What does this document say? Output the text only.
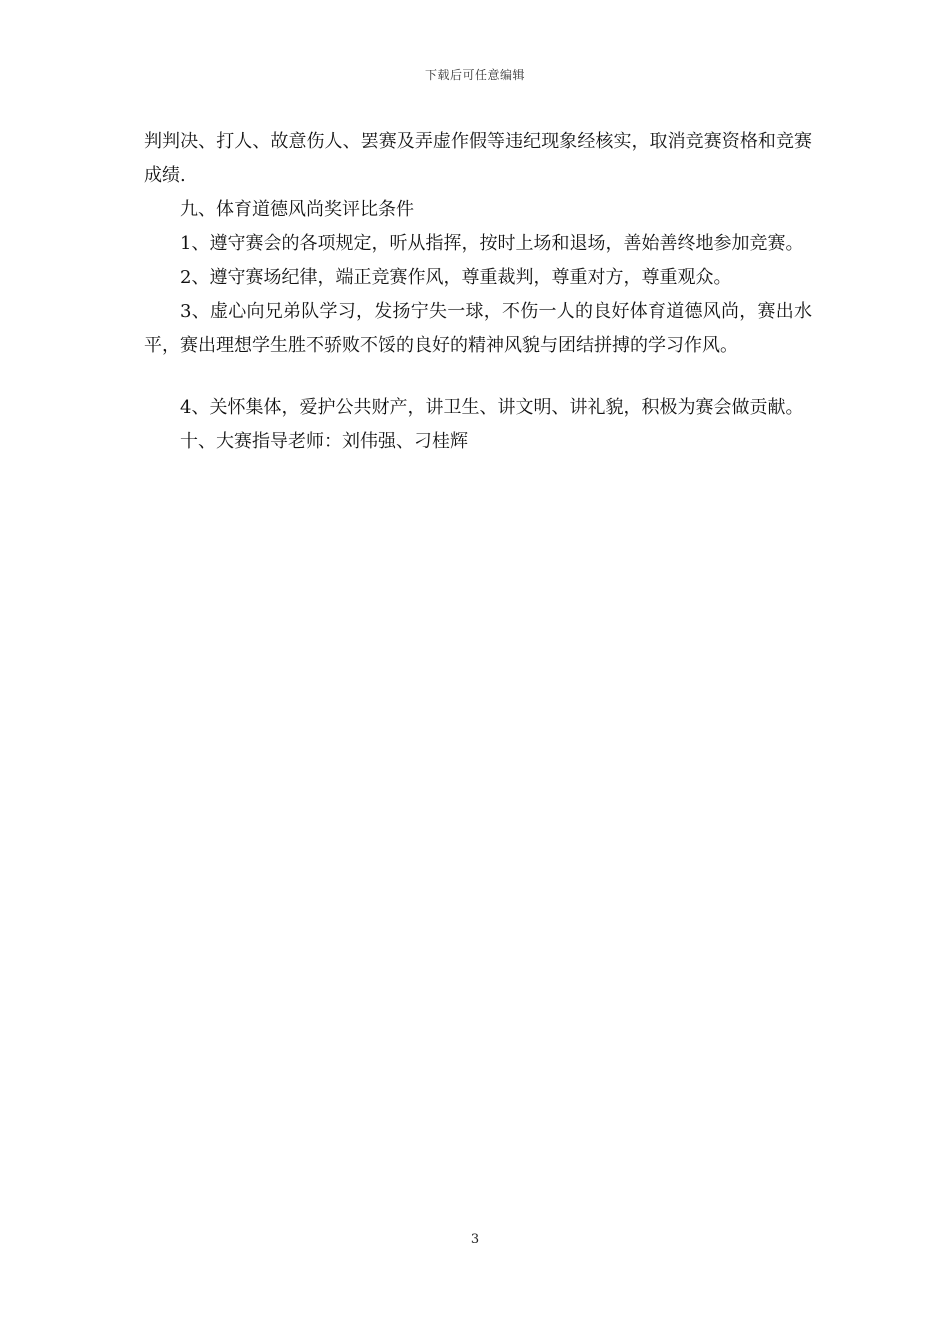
下载后可任意编辑

判判决、打人、故意伤人、罢赛及弄虚作假等违纪现象经核实，取消竞赛资格和竞赛成绩.

九、体育道德风尚奖评比条件

1、遵守赛会的各项规定，听从指挥，按时上场和退场，善始善终地参加竞赛。

2、遵守赛场纪律，端正竞赛作风，尊重裁判，尊重对方，尊重观众。

3、虚心向兄弟队学习，发扬宁失一球，不伤一人的良好体育道德风尚，赛出水平，赛出理想学生胜不骄败不馁的良好的精神风貌与团结拼搏的学习作风。

4、关怀集体，爱护公共财产，讲卫生、讲文明、讲礼貌，积极为赛会做贡献。

十、大赛指导老师：刘伟强、刁桂辉

3
